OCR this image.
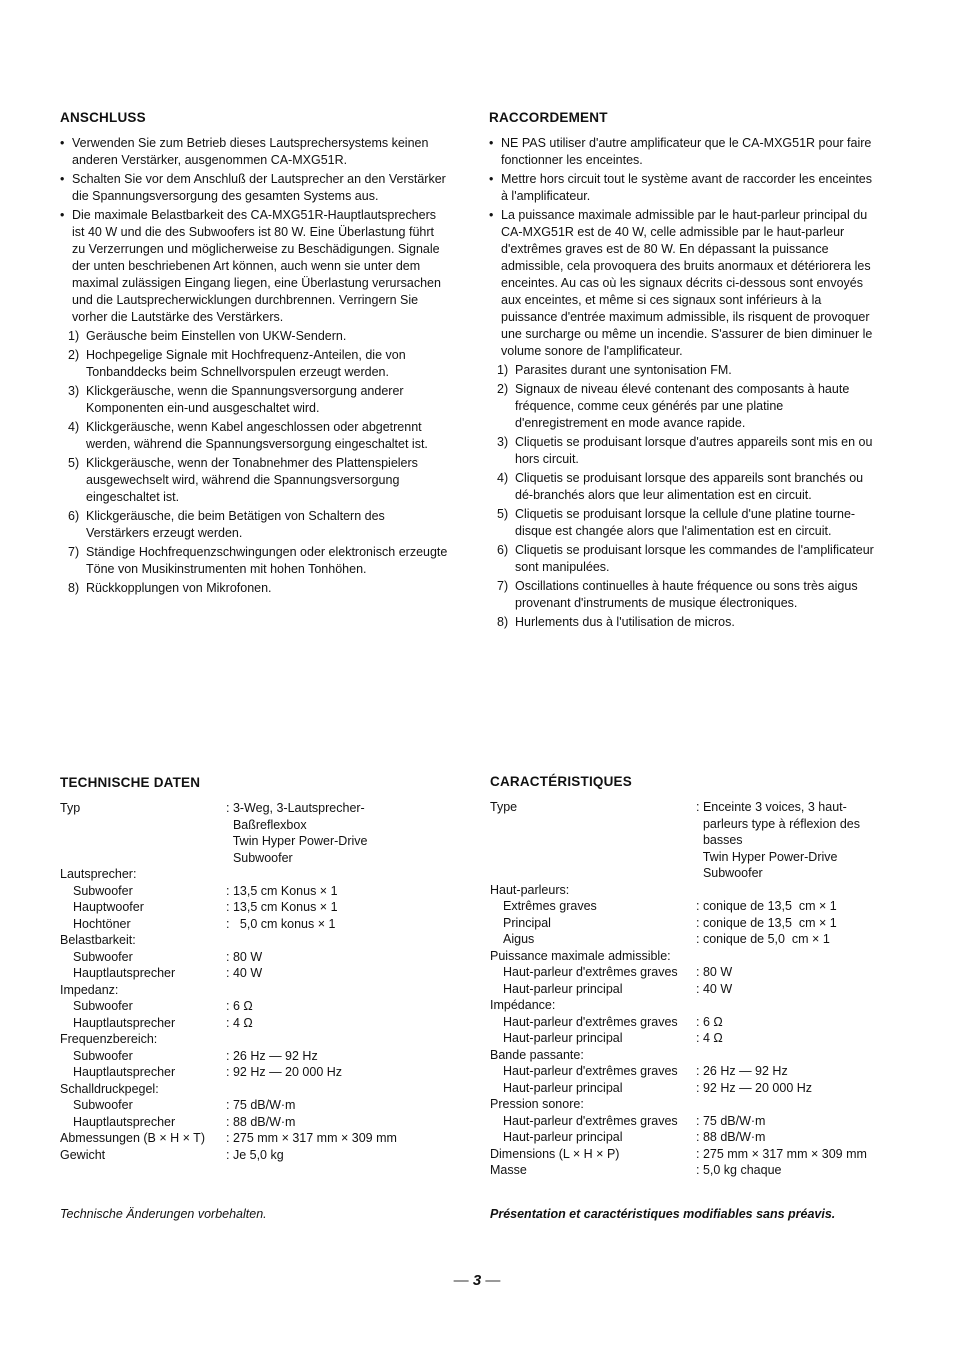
ANSCHLUSS
• Verwenden Sie zum Betrieb dieses Lautsprechersystems keinen anderen Verstärker, ausgenommen CA-MXG51R.
• Schalten Sie vor dem Anschluß der Lautsprecher an den Verstärker die Spannungsversorgung des gesamten Systems aus.
• Die maximale Belastbarkeit des CA-MXG51R-Hauptlautsprechers ist 40 W und die des Subwoofers ist 80 W. Eine Überlastung führt zu Verzerrungen und möglicherweise zu Beschädigungen. Signale der unten beschriebenen Art können, auch wenn sie unter dem maximal zulässigen Eingang liegen, eine Überlastung verursachen und die Lautsprecherwicklungen durchbrennen. Verringern Sie vorher die Lautstärke des Verstärkers.
1) Geräusche beim Einstellen von UKW-Sendern.
2) Hochpegelige Signale mit Hochfrequenz-Anteilen, die von Tonbanddecks beim Schnellvorspulen erzeugt werden.
3) Klickgeräusche, wenn die Spannungsversorgung anderer Komponenten ein-und ausgeschaltet wird.
4) Klickgeräusche, wenn Kabel angeschlossen oder abgetrennt werden, während die Spannungsversorgung eingeschaltet ist.
5) Klickgeräusche, wenn der Tonabnehmer des Plattenspielers ausgewechselt wird, während die Spannungsversorgung eingeschaltet ist.
6) Klickgeräusche, die beim Betätigen von Schaltern des Verstärkers erzeugt werden.
7) Ständige Hochfrequenzschwingungen oder elektronisch erzeugte Töne von Musikinstrumenten mit hohen Tonhöhen.
8) Rückkopplungen von Mikrofonen.
RACCORDEMENT
• NE PAS utiliser d'autre amplificateur que le CA-MXG51R pour faire fonctionner les enceintes.
• Mettre hors circuit tout le système avant de raccorder les enceintes à l'amplificateur.
• La puissance maximale admissible par le haut-parleur principal du CA-MXG51R est de 40 W, celle admissible par le haut-parleur d'extrêmes graves est de 80 W. En dépassant la puissance admissible, cela provoquera des bruits anormaux et détériorera les enceintes. Au cas où les signaux décrits ci-dessous sont envoyés aux enceintes, et même si ces signaux sont inférieurs à la puissance d'entrée maximum admissible, ils risquent de provoquer une surcharge ou même un incendie. S'assurer de bien diminuer le volume sonore de l'amplificateur.
1) Parasites durant une syntonisation FM.
2) Signaux de niveau élevé contenant des composants à haute fréquence, comme ceux générés par une platine d'enregistrement en mode avance rapide.
3) Cliquetis se produisant lorsque d'autres appareils sont mis en ou hors circuit.
4) Cliquetis se produisant lorsque des appareils sont branchés ou dé-branchés alors que leur alimentation est en circuit.
5) Cliquetis se produisant lorsque la cellule d'une platine tourne-disque est changée alors que l'alimentation est en circuit.
6) Cliquetis se produisant lorsque les commandes de l'amplificateur sont manipulées.
7) Oscillations continuelles à haute fréquence ou sons très aigus provenant d'instruments de musique électroniques.
8) Hurlements dus à l'utilisation de micros.
TECHNISCHE DATEN
Typ	: 3-Weg, 3-Lautsprecher-
Baßreflexbox
Twin Hyper Power-Drive
Subwoofer
Lautsprecher:
Subwoofer	: 13,5 cm Konus × 1
Hauptwoofer	: 13,5 cm Konus × 1
Hochtöner	:   5,0 cm konus × 1
Belastbarkeit:
Subwoofer	: 80 W
Hauptlautsprecher	: 40 W
Impedanz:
Subwoofer	: 6 Ω
Hauptlautsprecher	: 4 Ω
Frequenzbereich:
Subwoofer	: 26 Hz — 92 Hz
Hauptlautsprecher	: 92 Hz — 20 000 Hz
Schalldruckpegel:
Subwoofer	: 75 dB/W·m
Hauptlautsprecher	: 88 dB/W·m
Abmessungen (B × H × T)	: 275 mm × 317 mm × 309 mm
Gewicht	: Je 5,0 kg
Technische Änderungen vorbehalten.
CARACTÉRISTIQUES
Type	: Enceinte 3 voices, 3 haut-
parleurs type à réflexion des
basses
Twin Hyper Power-Drive
Subwoofer
Haut-parleurs:
Extrêmes graves	: conique de 13,5  cm × 1
Principal	: conique de 13,5  cm × 1
Aigus	: conique de 5,0  cm × 1
Puissance maximale admissible:
Haut-parleur d'extrêmes graves	: 80 W
Haut-parleur principal	: 40 W
Impédance:
Haut-parleur d'extrêmes graves	: 6 Ω
Haut-parleur principal	: 4 Ω
Bande passante:
Haut-parleur d'extrêmes graves	: 26 Hz — 92 Hz
Haut-parleur principal	: 92 Hz — 20 000 Hz
Pression sonore:
Haut-parleur d'extrêmes graves	: 75 dB/W·m
Haut-parleur principal	: 88 dB/W·m
Dimensions (L × H × P)	: 275 mm × 317 mm × 309 mm
Masse	: 5,0 kg chaque
Présentation et caractéristiques modifiables sans préavis.
— 3 —
